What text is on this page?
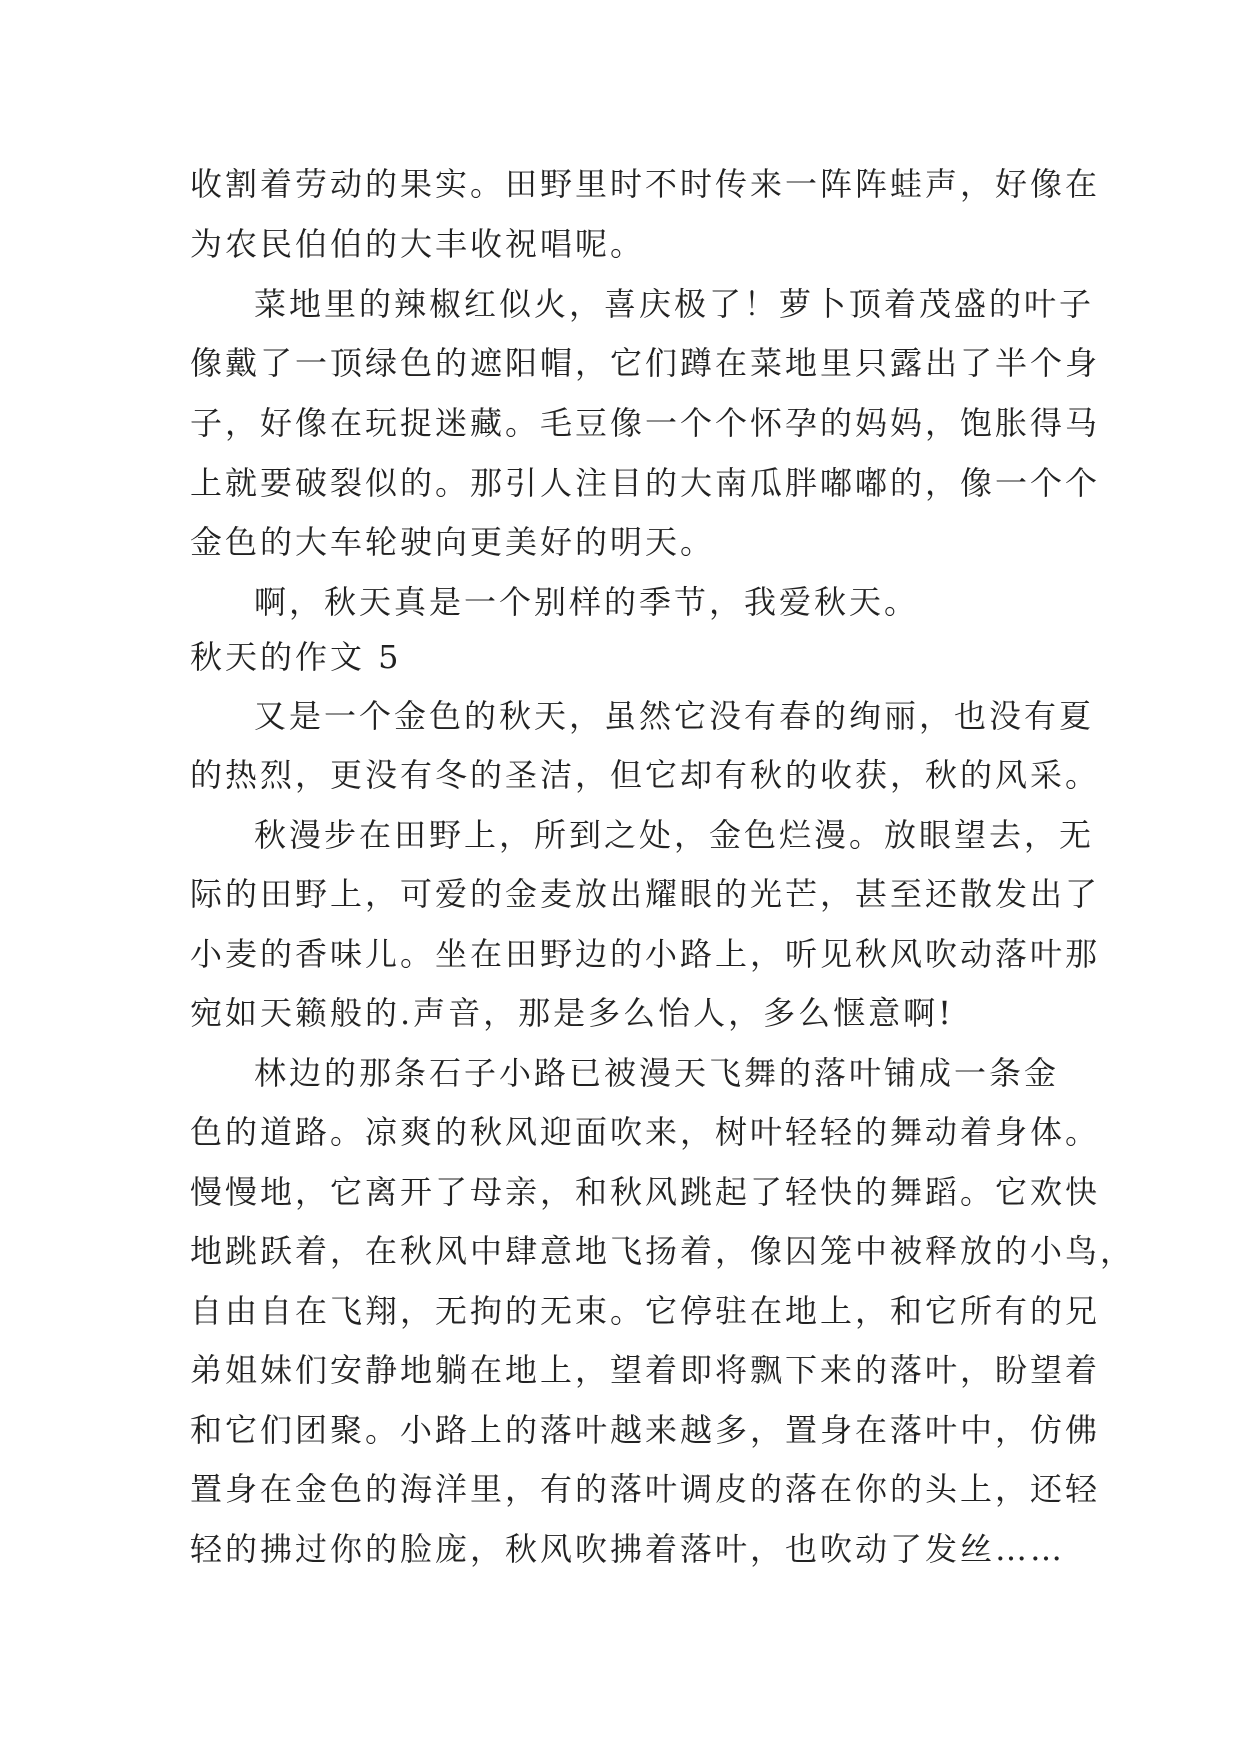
收割着劳动的果实。田野里时不时传来一阵阵蛙声，好像在
为农民伯伯的大丰收祝唱呢。
菜地里的辣椒红似火，喜庆极了！萝卜顶着茂盛的叶子
像戴了一顶绿色的遮阳帽，它们蹲在菜地里只露出了半个身
子，好像在玩捉迷藏。毛豆像一个个怀孕的妈妈，饱胀得马
上就要破裂似的。那引人注目的大南瓜胖嘟嘟的，像一个个
金色的大车轮驶向更美好的明天。
啊，秋天真是一个别样的季节，我爱秋天。
秋天的作文 5
又是一个金色的秋天，虽然它没有春的绚丽，也没有夏
的热烈，更没有冬的圣洁，但它却有秋的收获，秋的风采。
秋漫步在田野上，所到之处，金色烂漫。放眼望去，无
际的田野上，可爱的金麦放出耀眼的光芒，甚至还散发出了
小麦的香味儿。坐在田野边的小路上，听见秋风吹动落叶那
宛如天籁般的.声音，那是多么怡人，多么惬意啊!
林边的那条石子小路已被漫天飞舞的落叶铺成一条金
色的道路。凉爽的秋风迎面吹来，树叶轻轻的舞动着身体。
慢慢地，它离开了母亲，和秋风跳起了轻快的舞蹈。它欢快
地跳跃着，在秋风中肆意地飞扬着，像囚笼中被释放的小鸟，
自由自在飞翔，无拘的无束。它停驻在地上，和它所有的兄
弟姐妹们安静地躺在地上，望着即将飘下来的落叶，盼望着
和它们团聚。小路上的落叶越来越多，置身在落叶中，仿佛
置身在金色的海洋里，有的落叶调皮的落在你的头上，还轻
轻的拂过你的脸庞，秋风吹拂着落叶，也吹动了发丝……
